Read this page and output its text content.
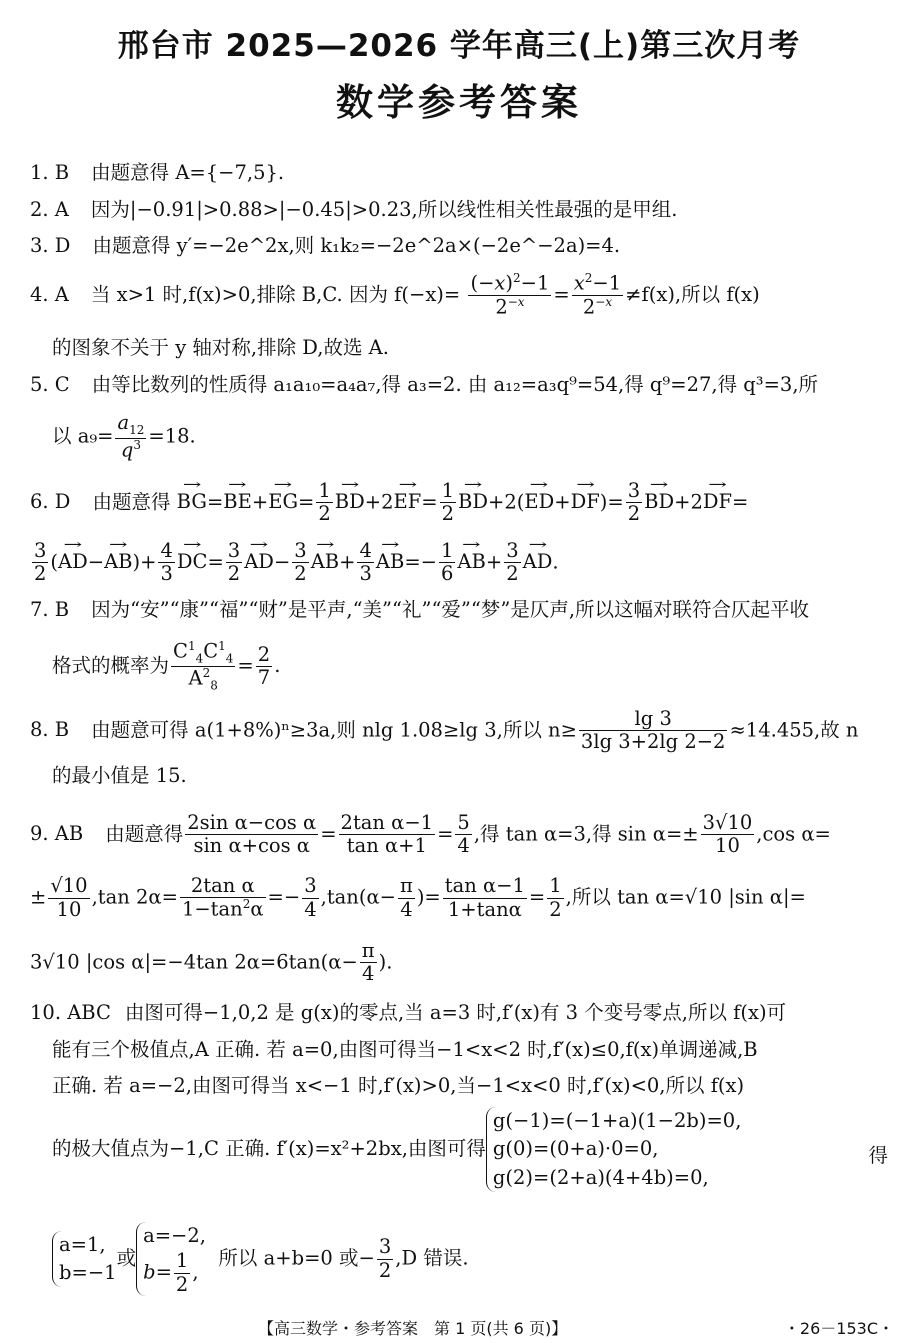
邢台市 2025—2026 学年高三(上)第三次月考
数学参考答案
1. B 由题意得 A={−7,5}.
2. A 因为|−0.91|>0.88>|−0.45|>0.23,所以线性相关性最强的是甲组.
3. D 由题意得 y′=−2e^2x,则 k₁k₂=−2e^2a×(−2e^−2a)=4.
4. A 当 x>1 时,f(x)>0,排除 B,C. 因为 $f(-x)= \frac{(-x)^2-1}{2^{-x}} = \frac{x^2-1}{2^{-x}} \ne f(x)$,所以 f(x)
的图象不关于 y 轴对称,排除 D,故选 A.
5. C 由等比数列的性质得 a₁a₁₀=a₄a₇,得 a₃=2. 由 a₁₂=a₃q⁹=54,得 q⁹=27,得 q³=3,所
以 $a_9= \frac{a_{12}}{q^3} =18$.
6. D 由题意得 → $BG=\to BE+\to EG= \frac{1}{2}$
→ $BD+2\to EF= \frac{1}{2}$
→ $BD+2(\to ED+\to DF)= \frac{3}{2}$
→ BD+2→ DF=
$\frac{3}{2}$ (→ $AD-\to AB)+ \frac{4}{3}$
→ $DC= \frac{3}{2}$
→ $AD- \frac{3}{2}$
→ $AB+ \frac{4}{3}$
→ $AB=- \frac{1}{6}$
→ $AB+ \frac{3}{2}$
→ AD.
7. B 因为“安”“康”“福”“财”是平声,“美”“礼”“爱”“梦”是仄声,所以这幅对联符合仄起平收
格式的概率为 $\frac{C^1_4C^1_4}{A^2_8} = \frac{2}{7}$ .
8. B 由题意可得 a(1+8%)ⁿ≥3a,则 nlg 1.08≥lg 3,所以 $n\ge \frac{\lg 3}{3\lg 3+2\lg 2-2} \approx 14.455$,故 n
的最小值是 15.
9. AB 由题意得 $\frac{\text{2sin α−cos α}}{\text{sin α+cos α}} = \frac{\text{2tan α−1}}{\text{tan α+1}} = \frac{5}{4}$ ,得 tan α=3,得 $\sin \alpha=\pm \frac{3√10}{10} ,\cos$ α=
± $\frac{√10}{10} ,\tan$ $2\alpha= \frac{\text{2tan α}}{1-\tan^2\alpha} =- \frac{3}{4} ,\tan(\alpha- \frac{\pi}{4}$ )= $\frac{\text{tan α−1}}{1+\tan\alpha} = \frac{1}{2}$ ,所以 tan α=√10 |sin α|=
3√10 |cos α|=−4tan $2\alpha=6\tan(\alpha- \frac{\pi}{4}$ ).
10. ABC 由图可得−1,0,2 是 g(x)的零点,当 a=3 时,f′(x)有 3 个变号零点,所以 f(x)可
能有三个极值点,A 正确. 若 a=0,由图可得当−1<x<2 时,f′(x)≤0,f(x)单调递减,B
正确. 若 a=−2,由图可得当 x<−1 时,f′(x)>0,当−1<x<0 时,f′(x)<0,所以 f(x)
的极大值点为−1,C 正确. f′(x)=x²+2bx,由图可得
g(−1)=(−1+a)(1−2b)=0,
g(0)=(0+a)·0=0,
g(2)=(2+a)(4+4b)=0,
得
a=1,
b=−1
或
a=−2,
$b= \frac{1}{2}$ ,
所以 a+b=0 或− $\frac{3}{2} ,D$ 错误.
【高三数学・参考答案　第 1 页(共 6 页)】	・26－153C・
